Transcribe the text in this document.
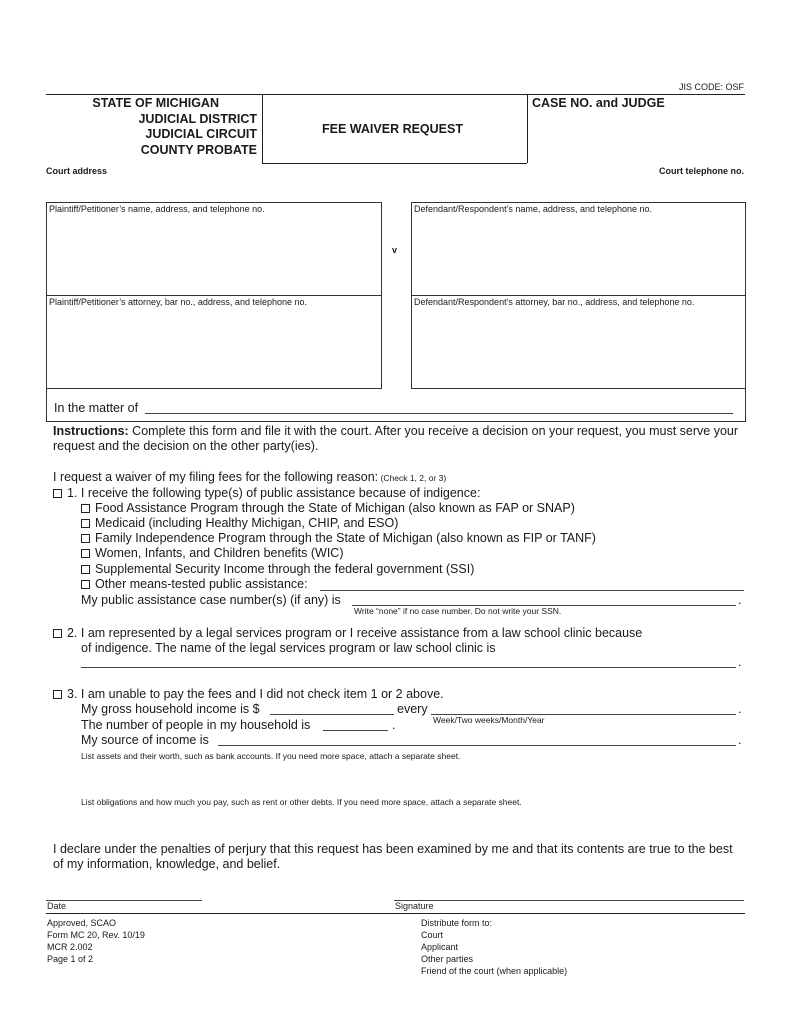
JIS CODE: OSF
STATE OF MICHIGAN
JUDICIAL DISTRICT
JUDICIAL CIRCUIT
COUNTY PROBATE
FEE WAIVER REQUEST
CASE NO. and JUDGE
Court address	Court telephone no.
Plaintiff/Petitioner’s name, address, and telephone no.	Defendant/Respondent’s name, address, and telephone no.
Plaintiff/Petitioner’s attorney, bar no., address, and telephone no.	Defendant/Respondent’s attorney, bar no., address, and telephone no.
v
In the matter of
Instructions: Complete this form and file it with the court. After you receive a decision on your request, you must serve your
request and the decision on the other party(ies).
I request a waiver of my filing fees for the following reason: (Check 1, 2, or 3)
1. I receive the following type(s) of public assistance because of indigence:
Food Assistance Program through the State of Michigan (also known as FAP or SNAP)
Medicaid (including Healthy Michigan, CHIP, and ESO)
Family Independence Program through the State of Michigan (also known as FIP or TANF)
Women, Infants, and Children benefits (WIC)
Supplemental Security Income through the federal government (SSI)
Other means-tested public assistance:
My public assistance case number(s) (if any) is	.
Write “none” if no case number. Do not write your SSN.
2. I am represented by a legal services program or I receive assistance from a law school clinic because
of indigence. The name of the legal services program or law school clinic is
.
3. I am unable to pay the fees and I did not check item 1 or 2 above.
My gross household income is $	every	.
Week/Two weeks/Month/Year
The number of people in my household is	.
My source of income is	.
List assets and their worth, such as bank accounts. If you need more space, attach a separate sheet.
List obligations and how much you pay, such as rent or other debts. If you need more space, attach a separate sheet.
I declare under the penalties of perjury that this request has been examined by me and that its contents are true to the best
of my information, knowledge, and belief.
Date	Signature
Approved, SCAO
Form MC 20, Rev. 10/19
MCR 2.002
Page 1 of 2
Distribute form to:
Court
Applicant
Other parties
Friend of the court (when applicable)
